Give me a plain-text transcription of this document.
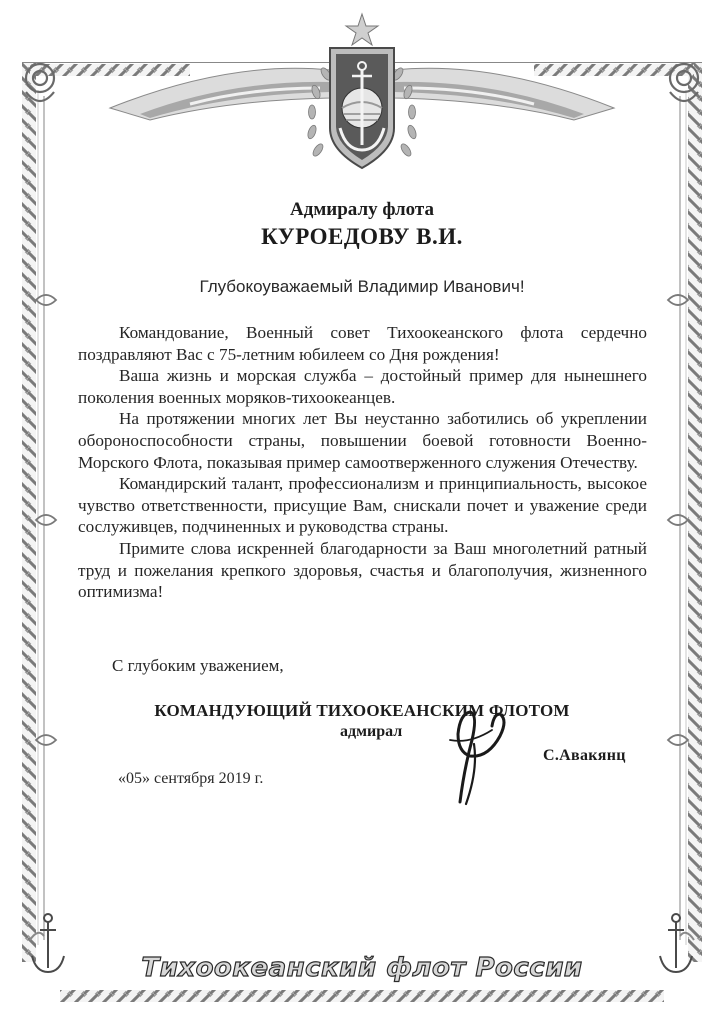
Адмиралу флота
КУРОЕДОВУ В.И.
Глубокоуважаемый Владимир Иванович!

Командование, Военный совет Тихоокеанского флота сердечно поздравляют Вас с 75-летним юбилеем со Дня рождения!

Ваша жизнь и морская служба – достойный пример для нынешнего поколения военных моряков-тихоокеанцев.

На протяжении многих лет Вы неустанно заботились об укреплении обороноспособности страны, повышении боевой готовности Военно-Морского Флота, показывая пример самоотверженного служения Отечеству.

Командирский талант, профессионализм и принципиальность, высокое чувство ответственности, присущие Вам, снискали почет и уважение среди сослуживцев, подчиненных и руководства страны.

Примите слова искренней благодарности за Ваш многолетний ратный труд и пожелания крепкого здоровья, счастья и благополучия, жизненного оптимизма!

С глубоким уважением,
КОМАНДУЮЩИЙ ТИХООКЕАНСКИМ ФЛОТОМ
адмирал
С.Авакянц
«05» сентября 2019 г.
Тихоокеанский флот России
